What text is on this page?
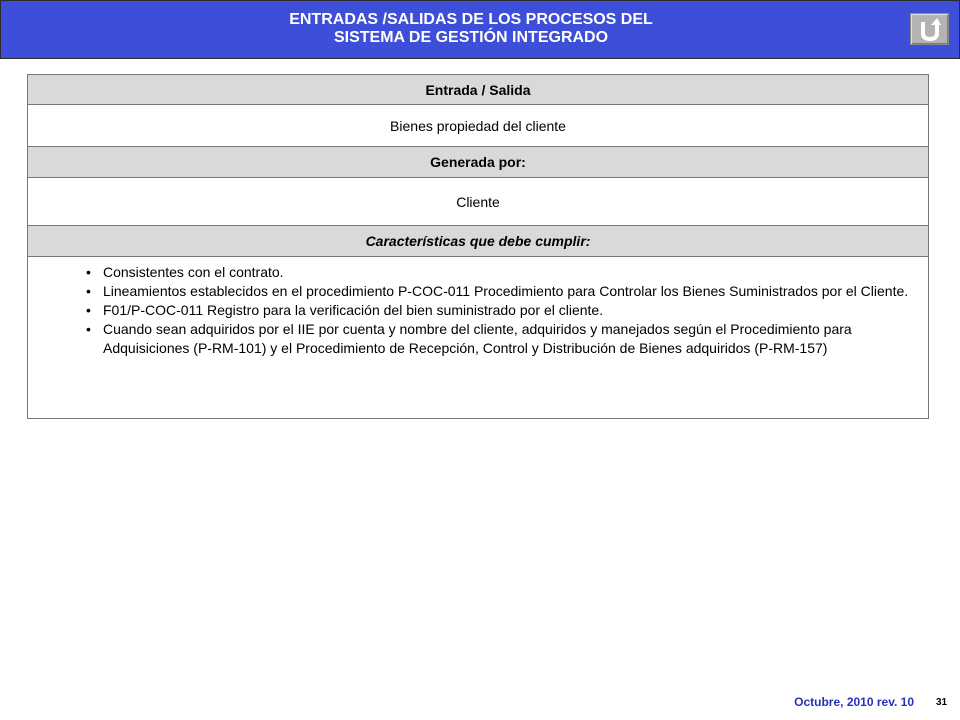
ENTRADAS /SALIDAS DE LOS PROCESOS DEL
SISTEMA DE GESTIÓN INTEGRADO
Entrada / Salida
Bienes propiedad del cliente
Generada por:
Cliente
Características que debe cumplir:
• Consistentes con el contrato.
• Lineamientos establecidos en el procedimiento P-COC-011 Procedimiento para Controlar los Bienes Suministrados por el Cliente.
• F01/P-COC-011 Registro para la verificación del bien suministrado por el cliente.
• Cuando sean adquiridos por el IIE por cuenta y nombre del cliente, adquiridos y manejados según el Procedimiento para Adquisiciones (P-RM-101) y el Procedimiento de Recepción, Control y Distribución de Bienes adquiridos (P-RM-157)
Octubre, 2010 rev. 10 31
